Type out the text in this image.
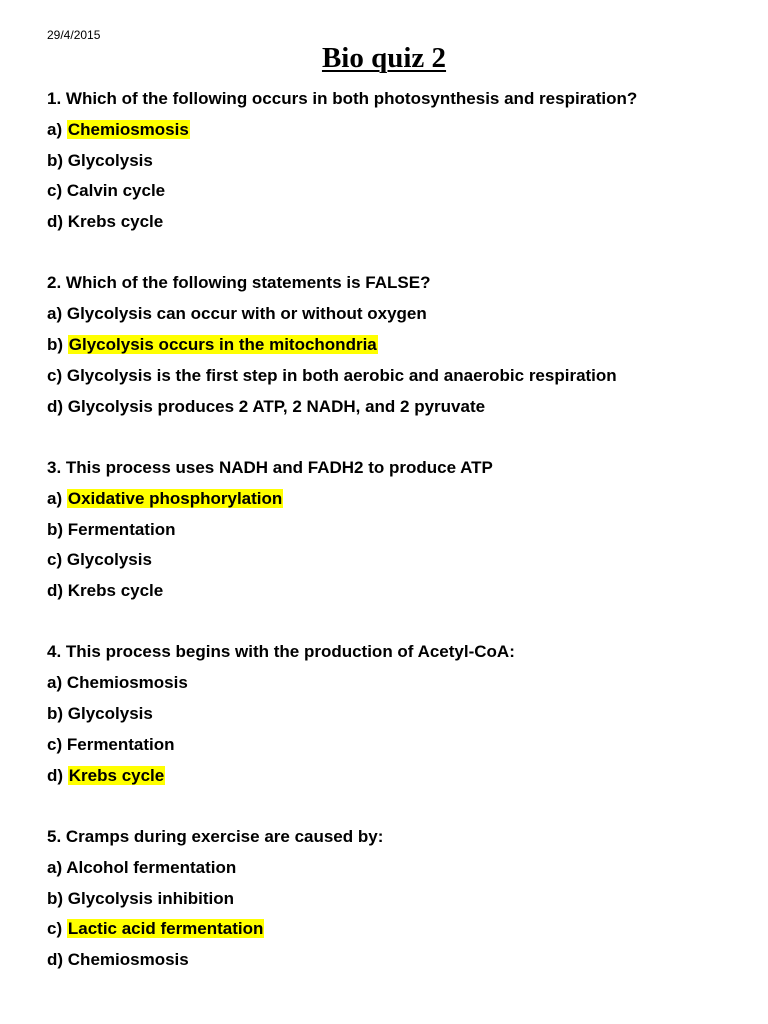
29/4/2015
Bio quiz 2
1. Which of the following occurs in both photosynthesis and respiration?
a) Chemiosmosis
b) Glycolysis
c) Calvin cycle
d) Krebs cycle
2. Which of the following statements is FALSE?
a) Glycolysis can occur with or without oxygen
b) Glycolysis occurs in the mitochondria
c) Glycolysis is the first step in both aerobic and anaerobic respiration
d) Glycolysis produces 2 ATP, 2 NADH, and 2 pyruvate
3. This process uses NADH and FADH2 to produce ATP
a) Oxidative phosphorylation
b) Fermentation
c) Glycolysis
d) Krebs cycle
4. This process begins with the production of Acetyl-CoA:
a) Chemiosmosis
b) Glycolysis
c) Fermentation
d) Krebs cycle
5. Cramps during exercise are caused by:
a) Alcohol fermentation
b) Glycolysis inhibition
c) Lactic acid fermentation
d) Chemiosmosis
